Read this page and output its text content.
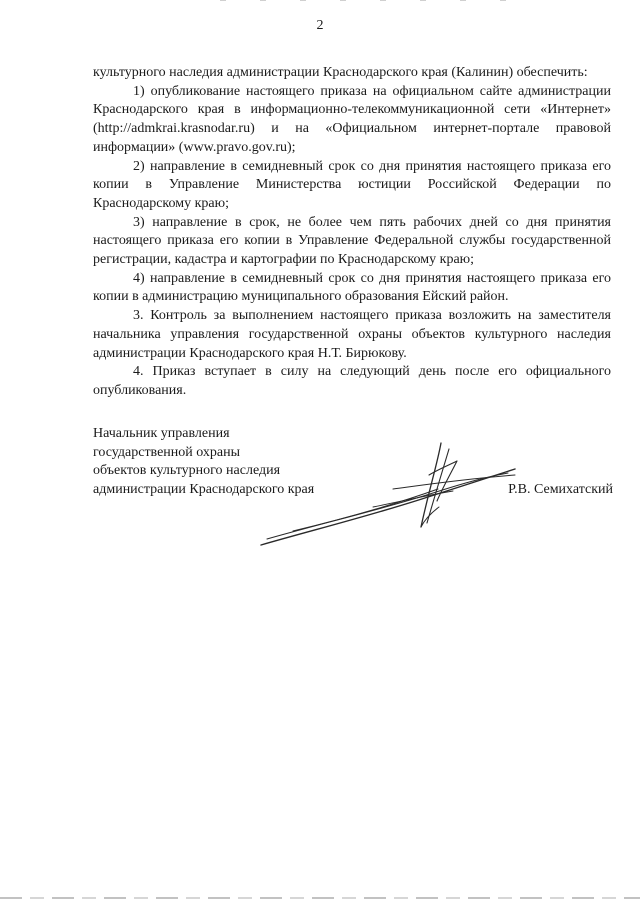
2

культурного наследия администрации Краснодарского края (Калинин) обеспечить:

1) опубликование настоящего приказа на официальном сайте администрации Краснодарского края в информационно-телекоммуникационной сети «Интернет» (http://admkrai.krasnodar.ru) и на «Официальном интернет-портале правовой информации» (www.pravo.gov.ru);

2) направление в семидневный срок со дня принятия настоящего приказа его копии в Управление Министерства юстиции Российской Федерации по Краснодарскому краю;

3) направление в срок, не более чем пять рабочих дней со дня принятия настоящего приказа его копии в Управление Федеральной службы государственной регистрации, кадастра и картографии по Краснодарскому краю;

4) направление в семидневный срок со дня принятия настоящего приказа его копии в администрацию муниципального образования Ейский район.

3. Контроль за выполнением настоящего приказа возложить на заместителя начальника управления государственной охраны объектов культурного наследия администрации Краснодарского края Н.Т. Бирюкову.

4. Приказ вступает в силу на следующий день после его официального опубликования.

Начальник управления
государственной охраны
объектов культурного наследия
администрации Краснодарского края	Р.В. Семихатский
